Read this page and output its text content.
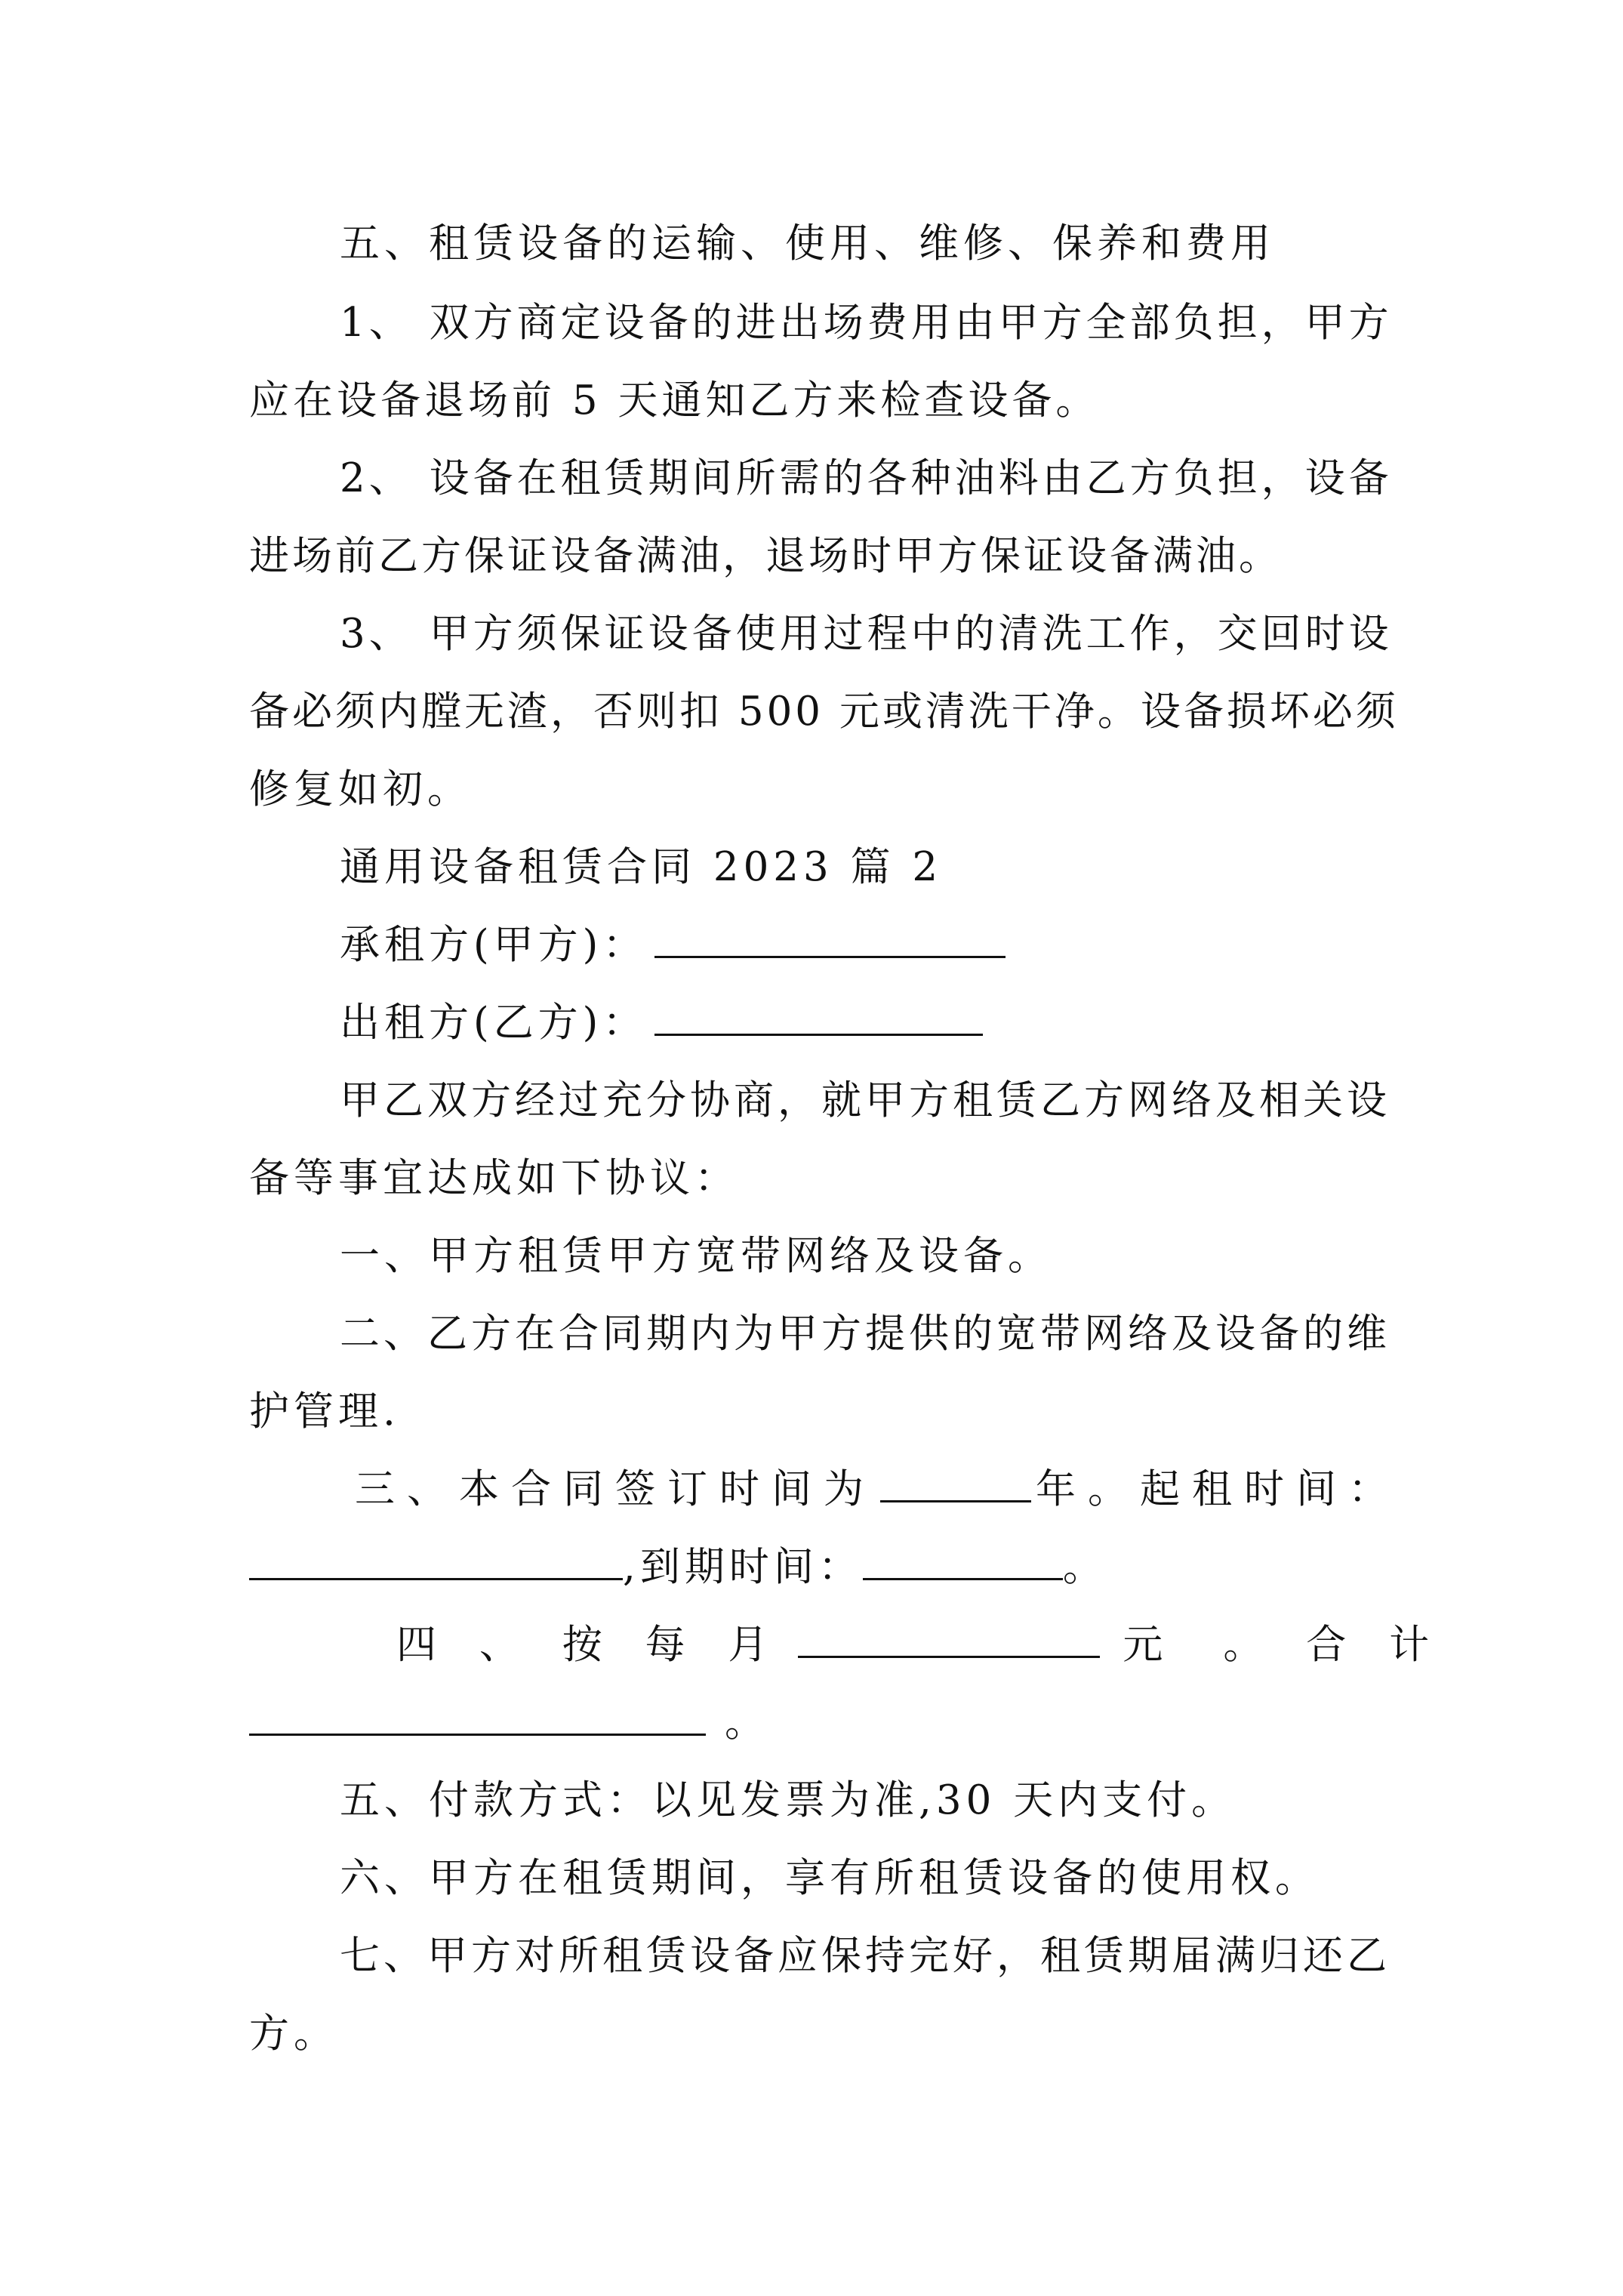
五、租赁设备的运输、使用、维修、保养和费用
1、 双方商定设备的进出场费用由甲方全部负担，甲方
应在设备退场前 5 天通知乙方来检查设备。
2、 设备在租赁期间所需的各种油料由乙方负担，设备
进场前乙方保证设备满油，退场时甲方保证设备满油。
3、 甲方须保证设备使用过程中的清洗工作，交回时设
备必须内膛无渣，否则扣 500 元或清洗干净。设备损坏必须
修复如初。
通用设备租赁合同 2023 篇 2
承租方(甲方)：
出租方(乙方)：
甲乙双方经过充分协商，就甲方租赁乙方网络及相关设
备等事宜达成如下协议：
一、甲方租赁甲方宽带网络及设备。
二、乙方在合同期内为甲方提供的宽带网络及设备的维
护管理.
三、本合同签订时间为	年。起租时间：
,到期时间：	。
四 、 按 每 月	元 。 合 计
。
五、付款方式：以见发票为准,30 天内支付。
六、甲方在租赁期间，享有所租赁设备的使用权。
七、甲方对所租赁设备应保持完好，租赁期届满归还乙
方。
